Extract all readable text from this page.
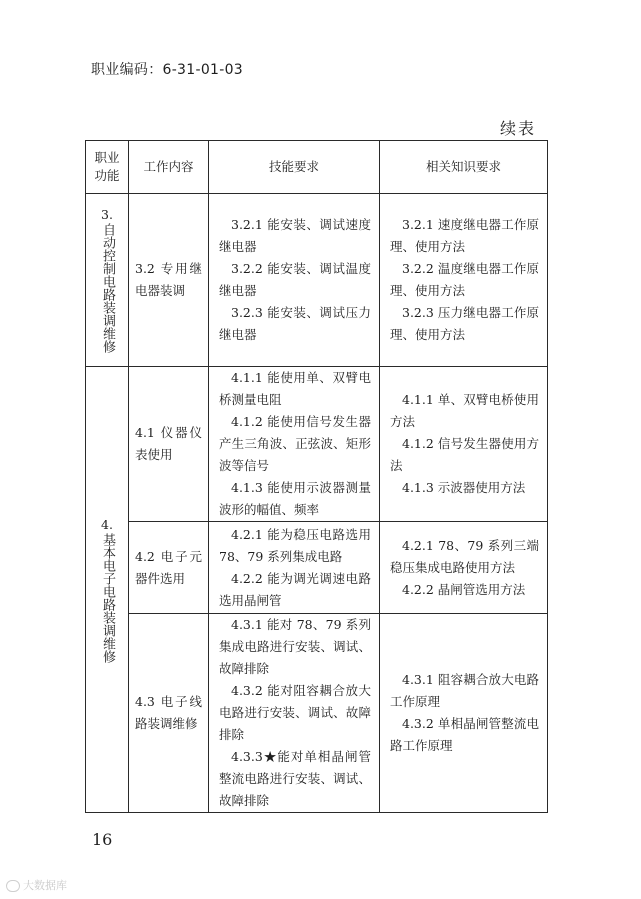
职业编码：6-31-01-03
续表
职业
功能	工作内容	技能要求	相关知识要求

3.
自动控制电路装调维修	3.2 专用继电器装调	3.2.1 能安装、调试速度继电器
3.2.2 能安装、调试温度继电器
3.2.3 能安装、调试压力继电器	3.2.1 速度继电器工作原理、使用方法
3.2.2 温度继电器工作原理、使用方法
3.2.3 压力继电器工作原理、使用方法

4.
基本电子电路装调维修	4.1 仪器仪表使用	4.1.1 能使用单、双臂电桥测量电阻
4.1.2 能使用信号发生器产生三角波、正弦波、矩形波等信号
4.1.3 能使用示波器测量波形的幅值、频率	4.1.1 单、双臂电桥使用方法
4.1.2 信号发生器使用方法
4.1.3 示波器使用方法

	4.2 电子元器件选用	4.2.1 能为稳压电路选用 78、79 系列集成电路
4.2.2 能为调光调速电路选用晶闸管	4.2.1 78、79 系列三端稳压集成电路使用方法
4.2.2 晶闸管选用方法

	4.3 电子线路装调维修	4.3.1 能对 78、79 系列集成电路进行安装、调试、故障排除
4.3.2 能对阻容耦合放大电路进行安装、调试、故障排除
4.3.3★能对单相晶闸管整流电路进行安装、调试、故障排除	4.3.1 阻容耦合放大电路工作原理
4.3.2 单相晶闸管整流电路工作原理
16
大数据库
